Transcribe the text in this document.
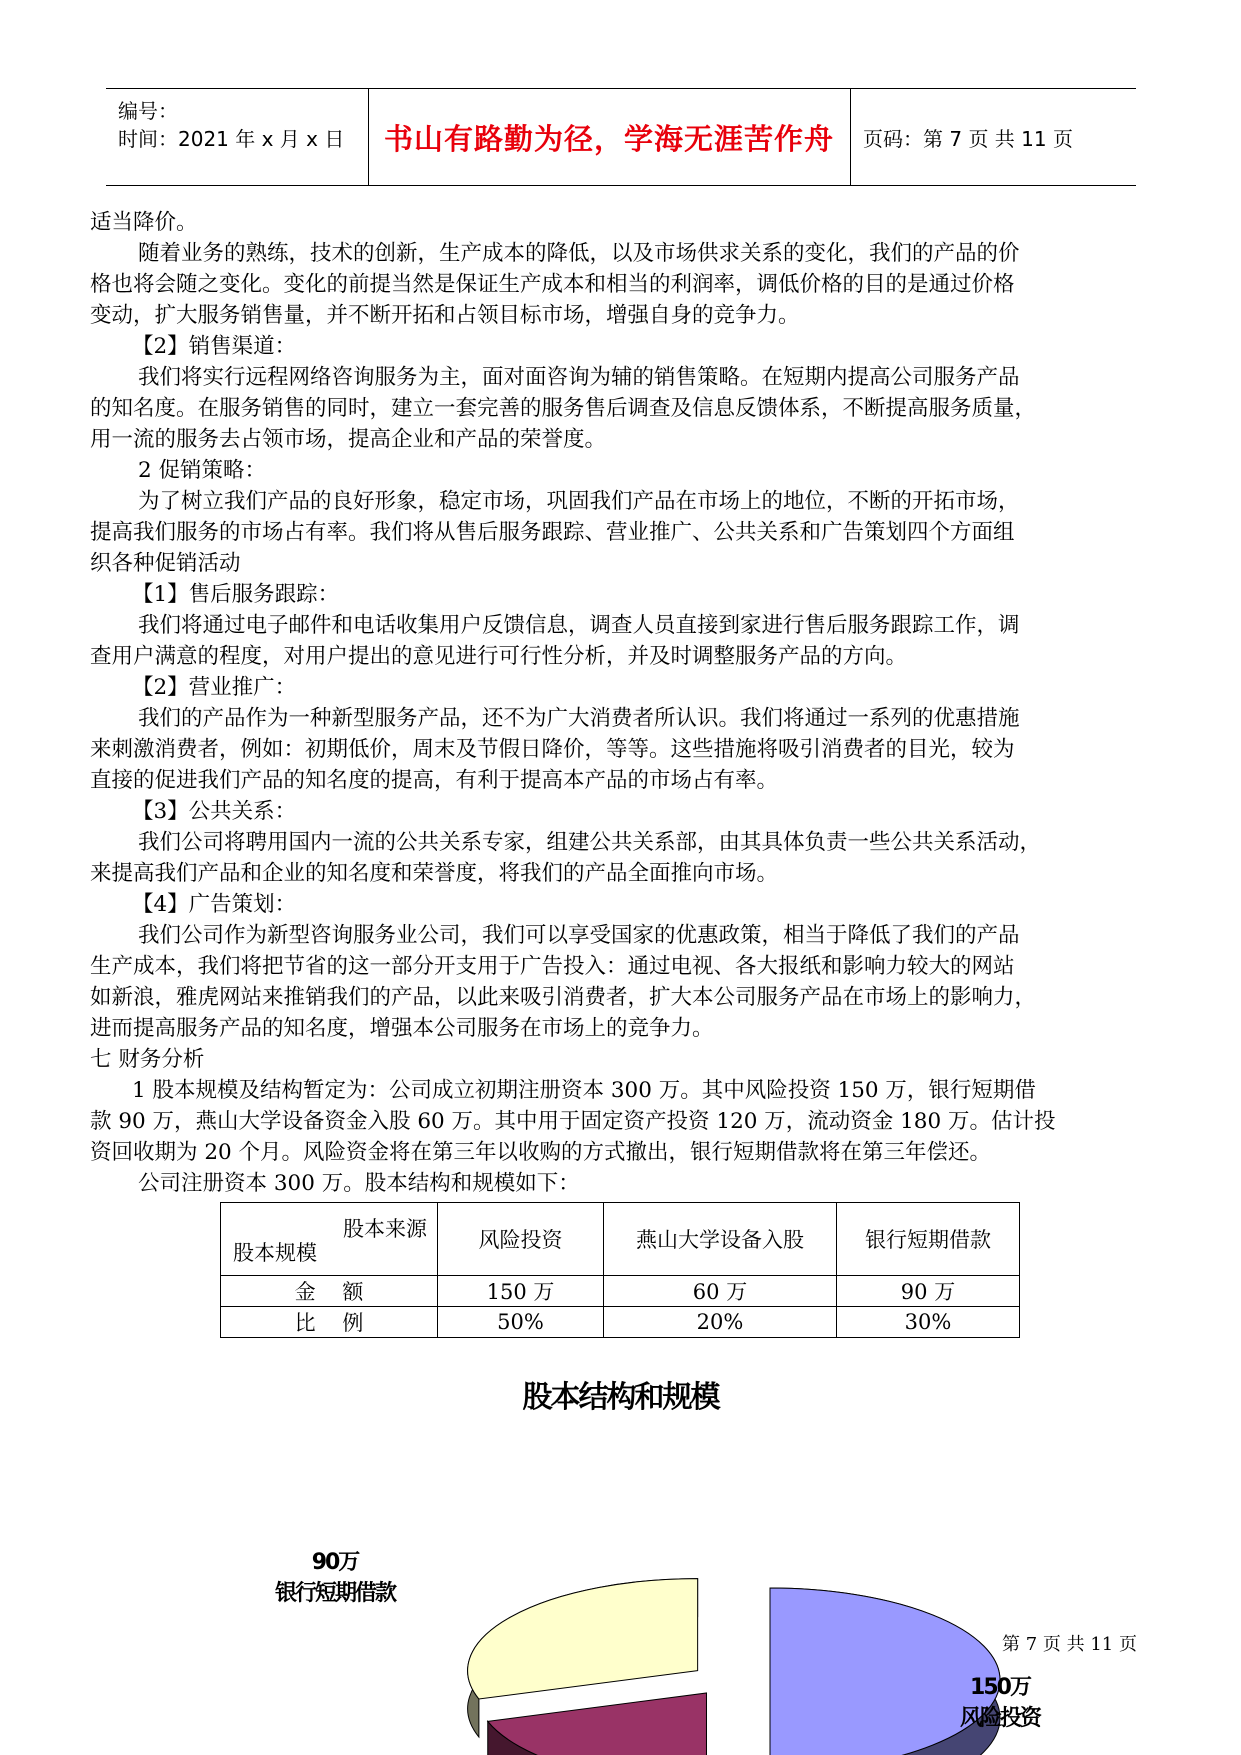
编号：
时间：2021 年 x 月 x 日 书山有路勤为径，学海无涯苦作舟 页码：第 7 页 共 11 页

适当降价。

随着业务的熟练，技术的创新，生产成本的降低，以及市场供求关系的变化，我们的产品的价

格也将会随之变化。变化的前提当然是保证生产成本和相当的利润率，调低价格的目的是通过价格

变动，扩大服务销售量，并不断开拓和占领目标市场，增强自身的竞争力。

【2】销售渠道：

我们将实行远程网络咨询服务为主，面对面咨询为辅的销售策略。在短期内提高公司服务产品

的知名度。在服务销售的同时，建立一套完善的服务售后调查及信息反馈体系，不断提高服务质量，

用一流的服务去占领市场，提高企业和产品的荣誉度。

2 促销策略：

为了树立我们产品的良好形象，稳定市场，巩固我们产品在市场上的地位，不断的开拓市场，

提高我们服务的市场占有率。我们将从售后服务跟踪、营业推广、公共关系和广告策划四个方面组

织各种促销活动

【1】售后服务跟踪：

我们将通过电子邮件和电话收集用户反馈信息，调查人员直接到家进行售后服务跟踪工作，调

查用户满意的程度，对用户提出的意见进行可行性分析，并及时调整服务产品的方向。

【2】营业推广：

我们的产品作为一种新型服务产品，还不为广大消费者所认识。我们将通过一系列的优惠措施

来刺激消费者，例如：初期低价，周末及节假日降价，等等。这些措施将吸引消费者的目光，较为

直接的促进我们产品的知名度的提高，有利于提高本产品的市场占有率。

【3】公共关系：

我们公司将聘用国内一流的公共关系专家，组建公共关系部，由其具体负责一些公共关系活动，

来提高我们产品和企业的知名度和荣誉度，将我们的产品全面推向市场。

【4】广告策划：

我们公司作为新型咨询服务业公司，我们可以享受国家的优惠政策，相当于降低了我们的产品

生产成本，我们将把节省的这一部分开支用于广告投入：通过电视、各大报纸和影响力较大的网站

如新浪，雅虎网站来推销我们的产品，以此来吸引消费者，扩大本公司服务产品在市场上的影响力，

进而提高服务产品的知名度，增强本公司服务在市场上的竞争力。

七 财务分析

1 股本规模及结构暂定为：公司成立初期注册资本 300 万。其中风险投资 150 万，银行短期借

款 90 万，燕山大学设备资金入股 60 万。其中用于固定资产投资 120 万，流动资金 180 万。估计投

资回收期为 20 个月。风险资金将在第三年以收购的方式撤出，银行短期借款将在第三年偿还。

公司注册资本 300 万。股本结构和规模如下：

股本来源
股本规模	风险投资	燕山大学设备入股	银行短期借款
金    额	150 万	60 万	90 万
比    例	50%	20%	30%
股本结构和规模
90万
银行短期借款
150万
风险投资
第 7 页 共 11 页
